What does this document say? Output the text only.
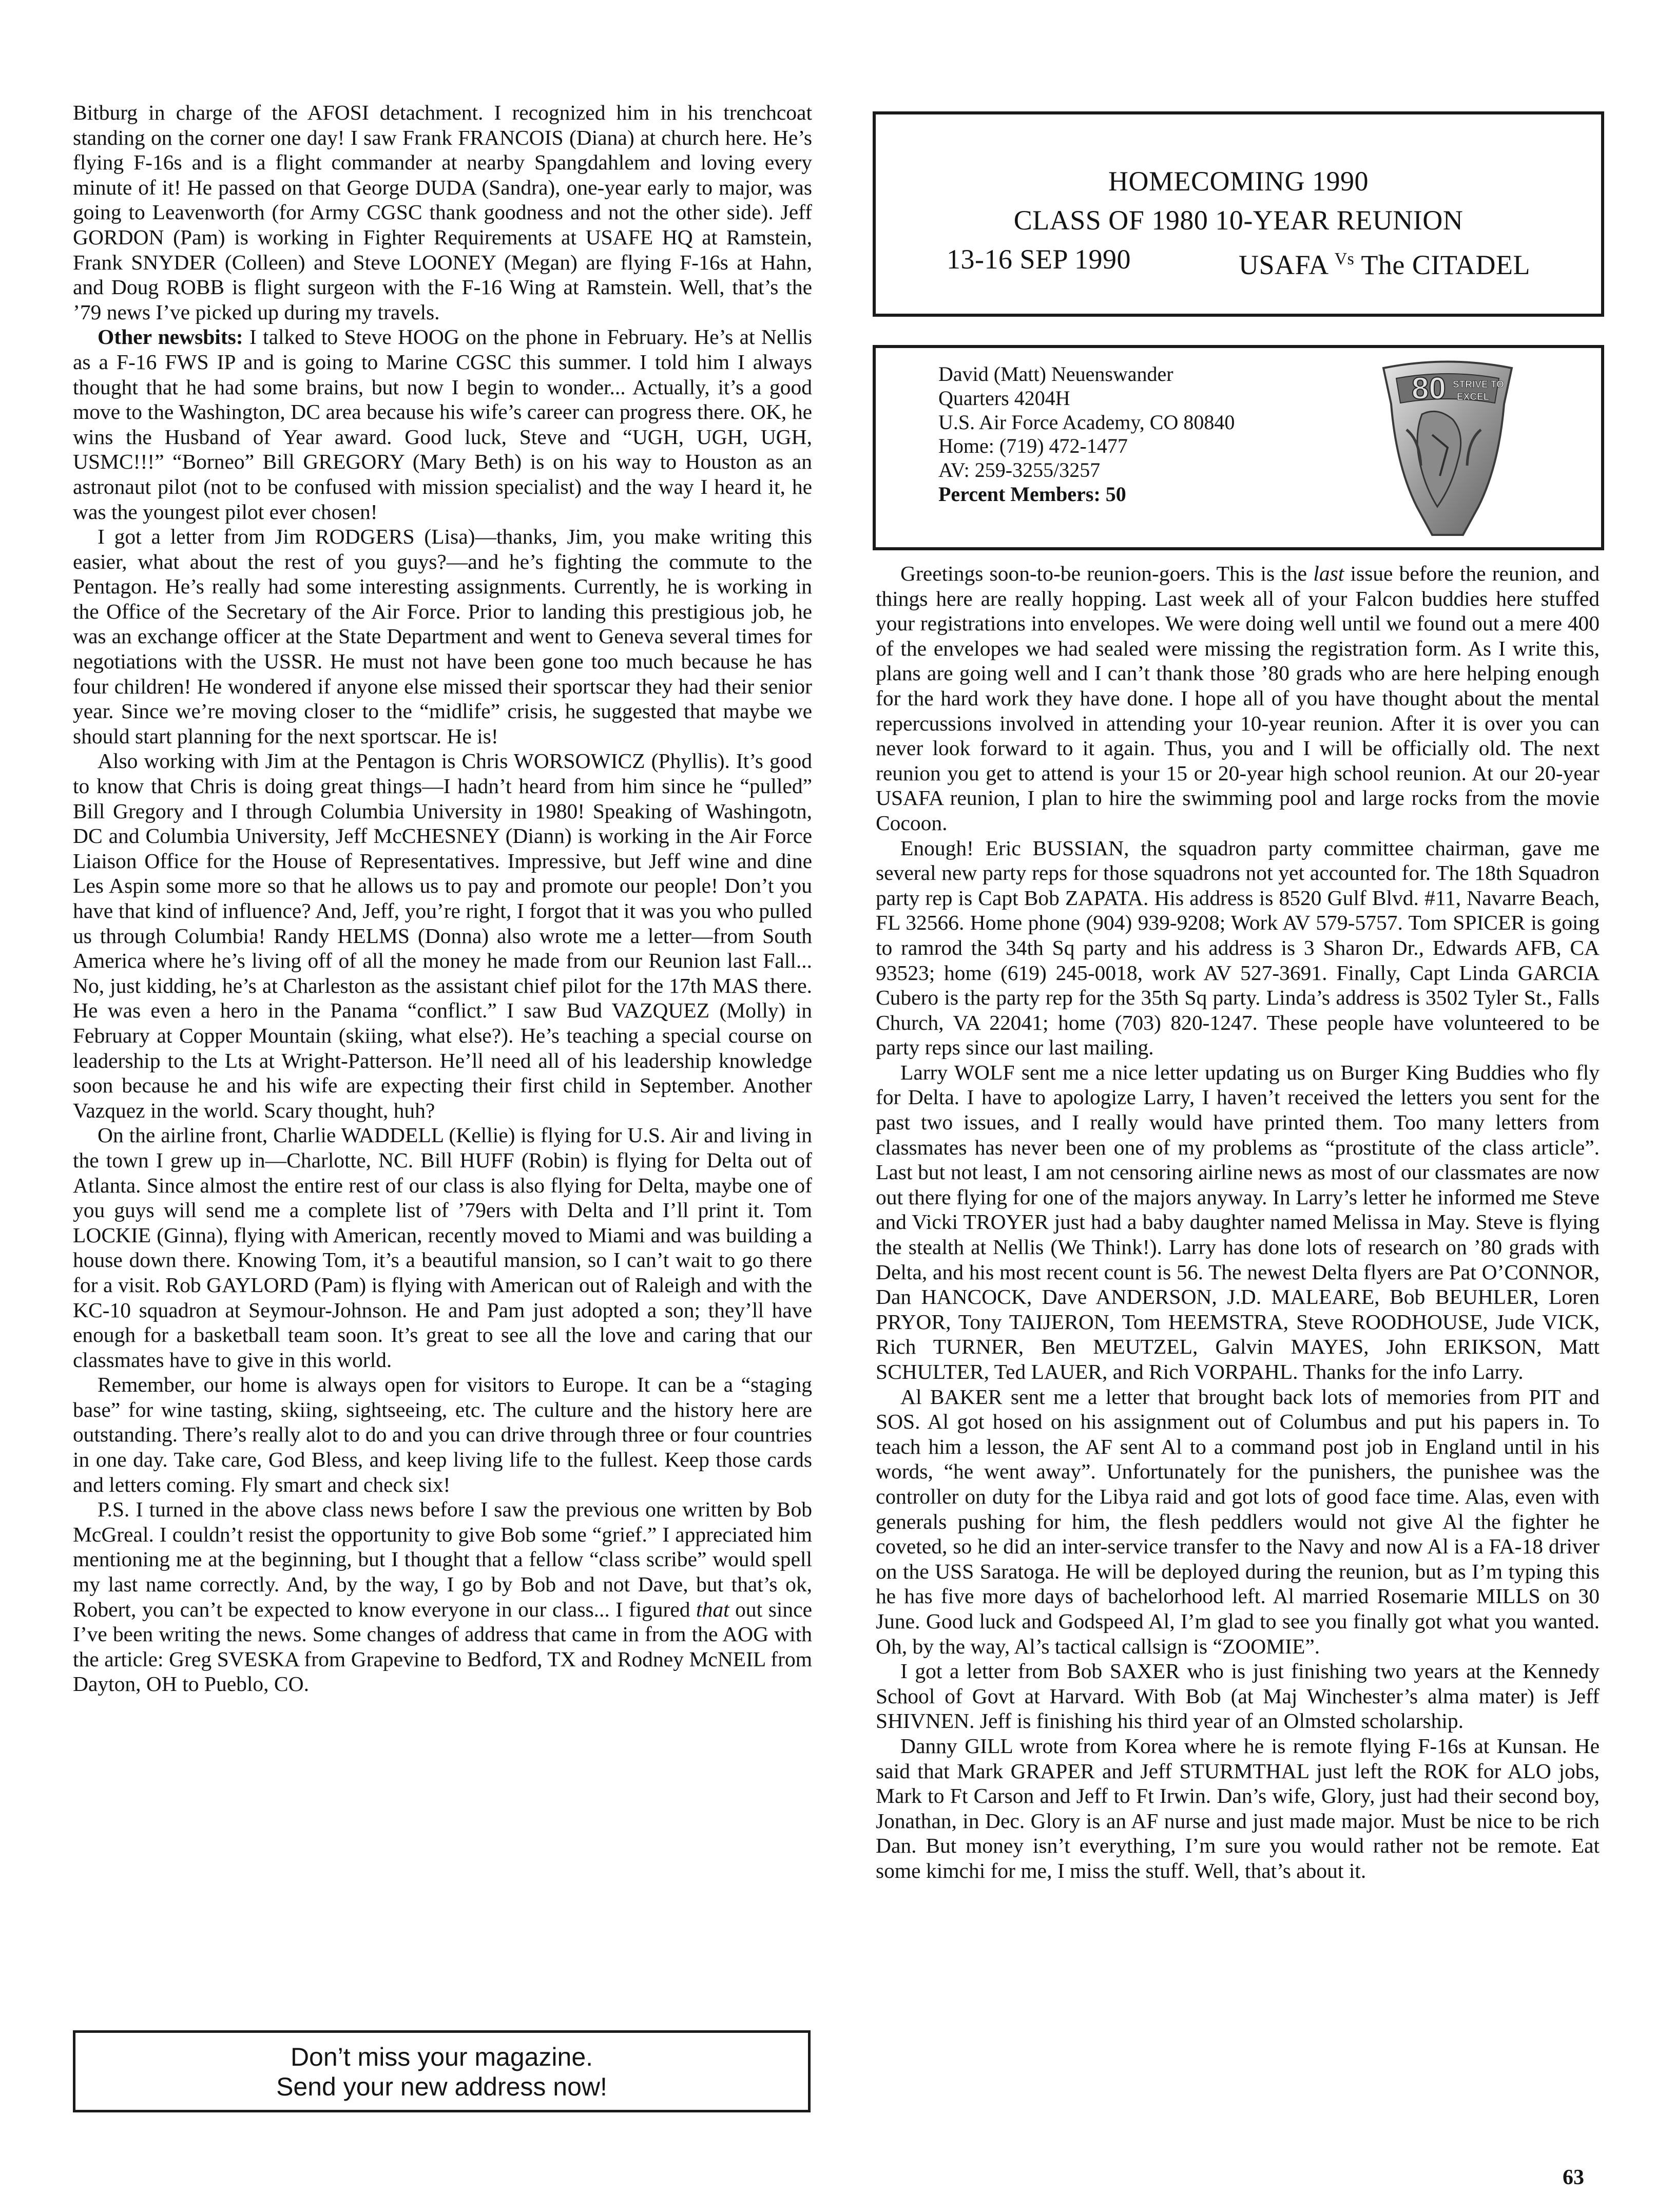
Bitburg in charge of the AFOSI detachment. I recognized him in his trenchcoat standing on the corner one day! I saw Frank FRANCOIS (Diana) at church here. He’s flying F-16s and is a flight commander at nearby Spangdahlem and loving every minute of it! He passed on that George DUDA (Sandra), one-year early to major, was going to Leavenworth (for Army CGSC thank goodness and not the other side). Jeff GORDON (Pam) is working in Fighter Requirements at USAFE HQ at Ramstein, Frank SNYDER (Colleen) and Steve LOONEY (Megan) are flying F-16s at Hahn, and Doug ROBB is flight surgeon with the F-16 Wing at Ramstein. Well, that’s the ’79 news I’ve picked up during my travels.

Other newsbits: I talked to Steve HOOG on the phone in February. He’s at Nellis as a F-16 FWS IP and is going to Marine CGSC this summer. I told him I always thought that he had some brains, but now I begin to wonder... Actually, it’s a good move to the Washington, DC area because his wife’s career can progress there. OK, he wins the Husband of Year award. Good luck, Steve and “UGH, UGH, UGH, USMC!!!” “Borneo” Bill GREGORY (Mary Beth) is on his way to Houston as an astronaut pilot (not to be confused with mission specialist) and the way I heard it, he was the youngest pilot ever chosen!

I got a letter from Jim RODGERS (Lisa)—thanks, Jim, you make writing this easier, what about the rest of you guys?—and he’s fighting the commute to the Pentagon. He’s really had some interesting assignments. Currently, he is working in the Office of the Secretary of the Air Force. Prior to landing this prestigious job, he was an exchange officer at the State Department and went to Geneva several times for negotiations with the USSR. He must not have been gone too much because he has four children! He wondered if anyone else missed their sportscar they had their senior year. Since we’re moving closer to the “midlife” crisis, he suggested that maybe we should start planning for the next sportscar. He is!

Also working with Jim at the Pentagon is Chris WORSOWICZ (Phyllis). It’s good to know that Chris is doing great things—I hadn’t heard from him since he “pulled” Bill Gregory and I through Columbia University in 1980! Speaking of Washingotn, DC and Columbia University, Jeff McCHESNEY (Diann) is working in the Air Force Liaison Office for the House of Representatives. Impressive, but Jeff wine and dine Les Aspin some more so that he allows us to pay and promote our people! Don’t you have that kind of influence? And, Jeff, you’re right, I forgot that it was you who pulled us through Columbia! Randy HELMS (Donna) also wrote me a letter—from South America where he’s living off of all the money he made from our Reunion last Fall... No, just kidding, he’s at Charleston as the assistant chief pilot for the 17th MAS there. He was even a hero in the Panama “conflict.” I saw Bud VAZQUEZ (Molly) in February at Copper Mountain (skiing, what else?). He’s teaching a special course on leadership to the Lts at Wright-Patterson. He’ll need all of his leadership knowledge soon because he and his wife are expecting their first child in September. Another Vazquez in the world. Scary thought, huh?

On the airline front, Charlie WADDELL (Kellie) is flying for U.S. Air and living in the town I grew up in—Charlotte, NC. Bill HUFF (Robin) is flying for Delta out of Atlanta. Since almost the entire rest of our class is also flying for Delta, maybe one of you guys will send me a complete list of ’79ers with Delta and I’ll print it. Tom LOCKIE (Ginna), flying with American, recently moved to Miami and was building a house down there. Knowing Tom, it’s a beautiful mansion, so I can’t wait to go there for a visit. Rob GAYLORD (Pam) is flying with American out of Raleigh and with the KC-10 squadron at Seymour-Johnson. He and Pam just adopted a son; they’ll have enough for a basketball team soon. It’s great to see all the love and caring that our classmates have to give in this world.

Remember, our home is always open for visitors to Europe. It can be a “staging base” for wine tasting, skiing, sightseeing, etc. The culture and the history here are outstanding. There’s really alot to do and you can drive through three or four countries in one day. Take care, God Bless, and keep living life to the fullest. Keep those cards and letters coming. Fly smart and check six!

P.S. I turned in the above class news before I saw the previous one written by Bob McGreal. I couldn’t resist the opportunity to give Bob some “grief.” I appreciated him mentioning me at the beginning, but I thought that a fellow “class scribe” would spell my last name correctly. And, by the way, I go by Bob and not Dave, but that’s ok, Robert, you can’t be expected to know everyone in our class... I figured that out since I’ve been writing the news. Some changes of address that came in from the AOG with the article: Greg SVESKA from Grapevine to Bedford, TX and Rodney McNEIL from Dayton, OH to Pueblo, CO.

Don’t miss your magazine.
Send your new address now!
HOMECOMING 1990
CLASS OF 1980 10-YEAR REUNION
13-16 SEP 1990	USAFA $^{Vs}$ The CITADEL
David (Matt) Neuenswander
Quarters 4204H
U.S. Air Force Academy, CO 80840
Home: (719) 472-1477
AV: 259-3255/3257
Percent Members: 50
80 STRIVE TO
EXCEL

Greetings soon-to-be reunion-goers. This is the last issue before the reunion, and things here are really hopping. Last week all of your Falcon buddies here stuffed your registrations into envelopes. We were doing well until we found out a mere 400 of the envelopes we had sealed were missing the registration form. As I write this, plans are going well and I can’t thank those ’80 grads who are here helping enough for the hard work they have done. I hope all of you have thought about the mental repercussions involved in attending your 10-year reunion. After it is over you can never look forward to it again. Thus, you and I will be officially old. The next reunion you get to attend is your 15 or 20-year high school reunion. At our 20-year USAFA reunion, I plan to hire the swimming pool and large rocks from the movie Cocoon.

Enough! Eric BUSSIAN, the squadron party committee chairman, gave me several new party reps for those squadrons not yet accounted for. The 18th Squadron party rep is Capt Bob ZAPATA. His address is 8520 Gulf Blvd. #11, Navarre Beach, FL 32566. Home phone (904) 939-9208; Work AV 579-5757. Tom SPICER is going to ramrod the 34th Sq party and his address is 3 Sharon Dr., Edwards AFB, CA 93523; home (619) 245-0018, work AV 527-3691. Finally, Capt Linda GARCIA Cubero is the party rep for the 35th Sq party. Linda’s address is 3502 Tyler St., Falls Church, VA 22041; home (703) 820-1247. These people have volunteered to be party reps since our last mailing.

Larry WOLF sent me a nice letter updating us on Burger King Buddies who fly for Delta. I have to apologize Larry, I haven’t received the letters you sent for the past two issues, and I really would have printed them. Too many letters from classmates has never been one of my problems as “prostitute of the class article”. Last but not least, I am not censoring airline news as most of our classmates are now out there flying for one of the majors anyway. In Larry’s letter he informed me Steve and Vicki TROYER just had a baby daughter named Melissa in May. Steve is flying the stealth at Nellis (We Think!). Larry has done lots of research on ’80 grads with Delta, and his most recent count is 56. The newest Delta flyers are Pat O’CONNOR, Dan HANCOCK, Dave ANDERSON, J.D. MALEARE, Bob BEUHLER, Loren PRYOR, Tony TAIJERON, Tom HEEMSTRA, Steve ROODHOUSE, Jude VICK, Rich TURNER, Ben MEUTZEL, Galvin MAYES, John ERIKSON, Matt SCHULTER, Ted LAUER, and Rich VORPAHL. Thanks for the info Larry.

Al BAKER sent me a letter that brought back lots of memories from PIT and SOS. Al got hosed on his assignment out of Columbus and put his papers in. To teach him a lesson, the AF sent Al to a command post job in England until in his words, “he went away”. Unfortunately for the punishers, the punishee was the controller on duty for the Libya raid and got lots of good face time. Alas, even with generals pushing for him, the flesh peddlers would not give Al the fighter he coveted, so he did an inter-service transfer to the Navy and now Al is a FA-18 driver on the USS Saratoga. He will be deployed during the reunion, but as I’m typing this he has five more days of bachelorhood left. Al married Rosemarie MILLS on 30 June. Good luck and Godspeed Al, I’m glad to see you finally got what you wanted. Oh, by the way, Al’s tactical callsign is “ZOOMIE”.

I got a letter from Bob SAXER who is just finishing two years at the Kennedy School of Govt at Harvard. With Bob (at Maj Winchester’s alma mater) is Jeff SHIVNEN. Jeff is finishing his third year of an Olmsted scholarship.

Danny GILL wrote from Korea where he is remote flying F-16s at Kunsan. He said that Mark GRAPER and Jeff STURMTHAL just left the ROK for ALO jobs, Mark to Ft Carson and Jeff to Ft Irwin. Dan’s wife, Glory, just had their second boy, Jonathan, in Dec. Glory is an AF nurse and just made major. Must be nice to be rich Dan. But money isn’t everything, I’m sure you would rather not be remote. Eat some kimchi for me, I miss the stuff. Well, that’s about it.

63
